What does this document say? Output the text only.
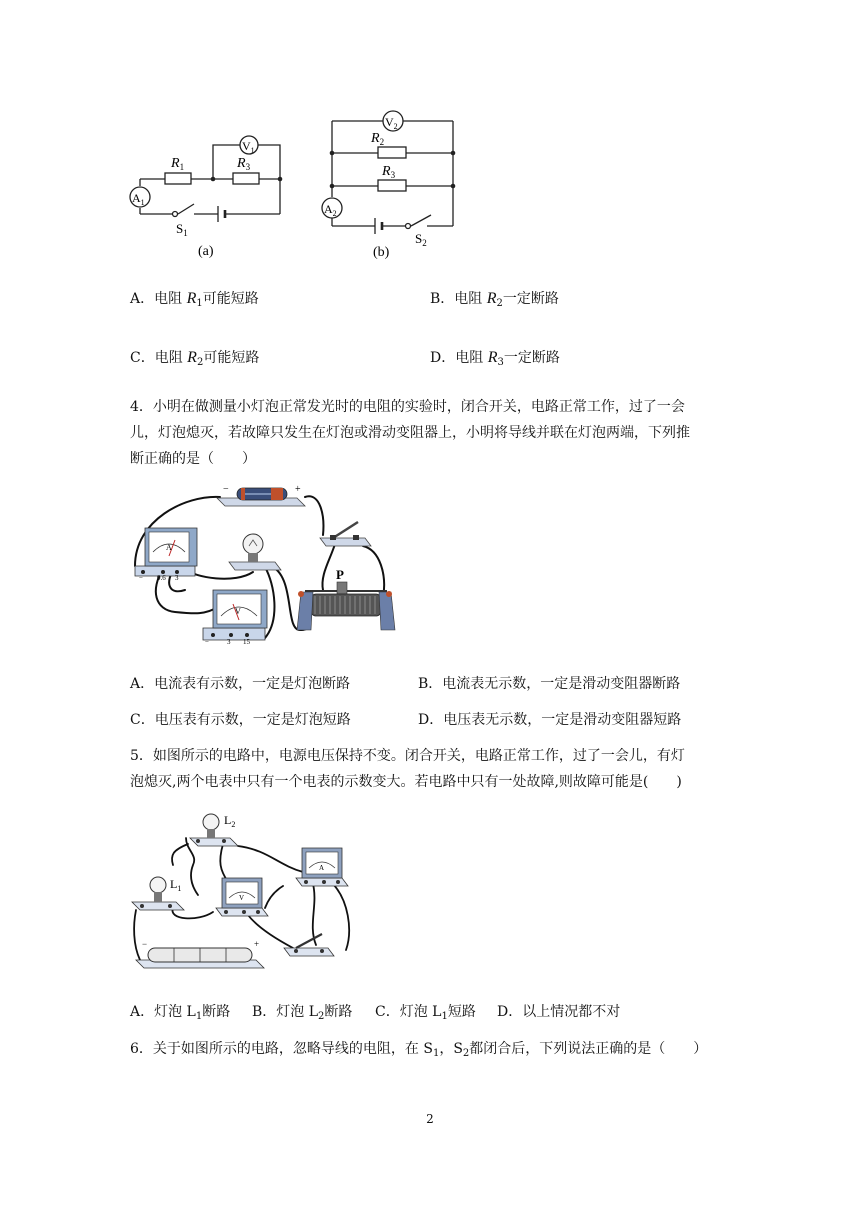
$V_1$
$R_1$	$R_3$
$A_1$
$S_1$
(a)
$V_2$
$R_2$
$R_3$
$A_2$
$S_2$
(b)
A．电阻 $R_1$可能短路	B．电阻 $R_2$一定断路
C．电阻 $R_2$可能短路	D．电阻 $R_3$一定断路
4．小明在做测量小灯泡正常发光时的电阻的实验时，闭合开关，电路正常工作，过了一会
儿，灯泡熄灭，若故障只发生在灯泡或滑动变阻器上，小明将导线并联在灯泡两端，下列推
断正确的是（　　）
−	+
A
− 0.6 3
V
−	3 15
P
A．电流表有示数，一定是灯泡断路	B．电流表无示数，一定是滑动变阻器断路
C．电压表有示数，一定是灯泡短路	D．电压表无示数，一定是滑动变阻器短路
5．如图所示的电路中，电源电压保持不变。闭合开关，电路正常工作，过了一会儿，有灯
泡熄灭,两个电表中只有一个电表的示数变大。若电路中只有一处故障,则故障可能是(　　)
$L_2$
$L_1$
A
V
−	+
A．灯泡 $L_1$断路 B．灯泡 $L_2$断路 C．灯泡 $L_1$短路 D．以上情况都不对
6．关于如图所示的电路，忽略导线的电阻，在 $S_1$，$S_2$都闭合后，下列说法正确的是（　　）
2
